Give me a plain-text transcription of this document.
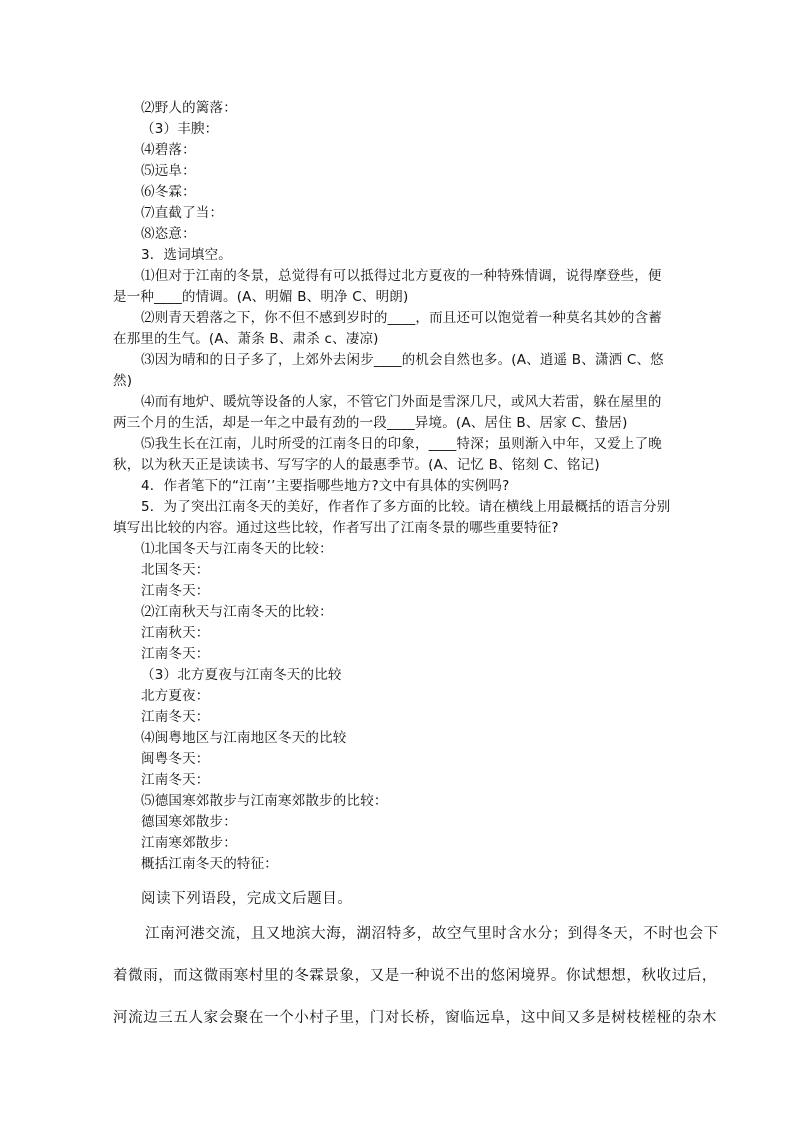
⑵野人的篱落：
（3）丰腴：
⑷碧落：
⑸远阜：
⑹冬霖：
⑺直截了当：
⑻恣意：
3．选词填空。
⑴但对于江南的冬景，总觉得有可以抵得过北方夏夜的一种特殊情调，说得摩登些，便
是一种____的情调。(A、明媚 B、明净 C、明朗)
⑵则青天碧落之下，你不但不感到岁时的____，而且还可以饱觉着一种莫名其妙的含蓄
在那里的生气。(A、萧条 B、肃杀 c、凄凉)
⑶因为晴和的日子多了，上郊外去闲步____的机会自然也多。(A、逍遥 B、潇洒 C、悠
然)
⑷而有地炉、暖炕等设备的人家，不管它门外面是雪深几尺，或风大若雷，躲在屋里的
两三个月的生活，却是一年之中最有劲的一段____异境。(A、居住 B、居家 C、蛰居)
⑸我生长在江南，儿时所受的江南冬日的印象，____特深；虽则渐入中年，又爱上了晚
秋，以为秋天正是读读书、写写字的人的最惠季节。(A、记忆 B、铭刻 C、铭记)
4．作者笔下的“江南’’主要指哪些地方?文中有具体的实例吗?
5．为了突出江南冬天的美好，作者作了多方面的比较。请在横线上用最概括的语言分别
填写出比较的内容。通过这些比较，作者写出了江南冬景的哪些重要特征?
⑴北国冬天与江南冬天的比较：
北国冬天：
江南冬天：
⑵江南秋天与江南冬天的比较：
江南秋天：
江南冬天：
（3）北方夏夜与江南冬天的比较
北方夏夜：
江南冬天：
⑷闽粤地区与江南地区冬天的比较
闽粤冬天：
江南冬天：
⑸德国寒郊散步与江南寒郊散步的比较：
德国寒郊散步：
江南寒郊散步：
概括江南冬天的特征：
阅读下列语段，完成文后题目。
江南河港交流，且又地滨大海，湖沼特多，故空气里时含水分；到得冬天，不时也会下
着微雨，而这微雨寒村里的冬霖景象，又是一种说不出的悠闲境界。你试想想，秋收过后，
河流边三五人家会聚在一个小村子里，门对长桥，窗临远阜，这中间又多是树枝槎桠的杂木
